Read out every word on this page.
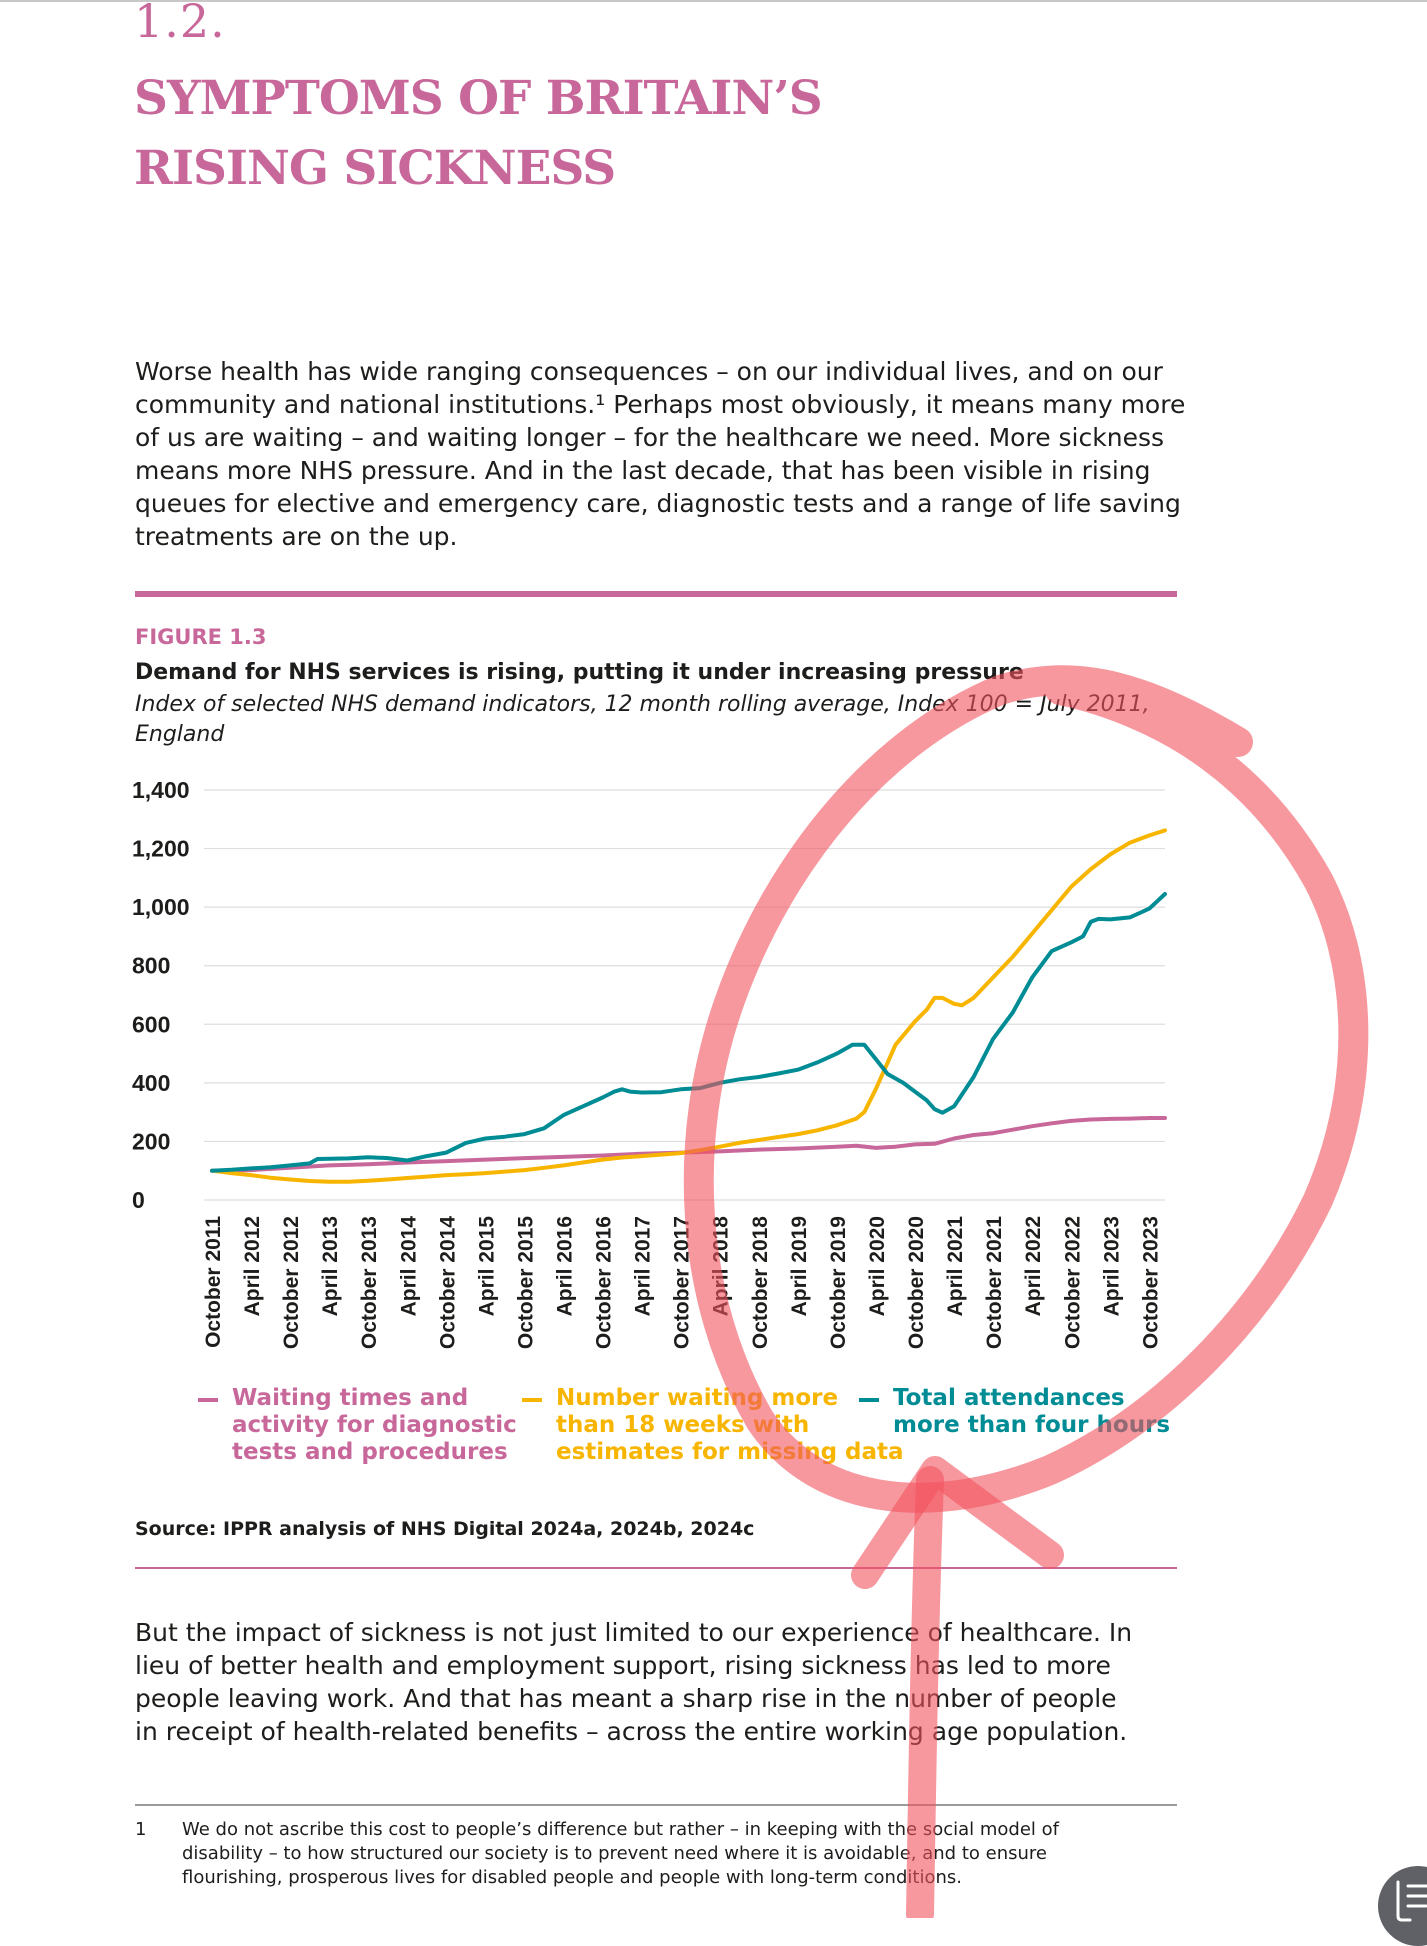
1.2.
SYMPTOMS OF BRITAIN’S
RISING SICKNESS
Worse health has wide ranging consequences – on our individual lives, and on our
community and national institutions.¹ Perhaps most obviously, it means many more
of us are waiting – and waiting longer – for the healthcare we need. More sickness
means more NHS pressure. And in the last decade, that has been visible in rising
queues for elective and emergency care, diagnostic tests and a range of life saving
treatments are on the up.
FIGURE 1.3
Demand for NHS services is rising, putting it under increasing pressure
Index of selected NHS demand indicators, 12 month rolling average, Index 100 = July 2011,
England
0
200
400
600
800
1,000
1,200
1,400
October 2011 April 2012 October 2012 April 2013 October 2013 April 2014 October 2014 April 2015 October 2015 April 2016 October 2016 April 2017 October 2017 April 2018 October 2018 April 2019 October 2019 April 2020 October 2020 April 2021 October 2021 April 2022 October 2022 April 2023 October 2023
Waiting times and
activity for diagnostic
tests and procedures
Number waiting more
than 18 weeks with
estimates for missing data
Total attendances
more than four hours
Source: IPPR analysis of NHS Digital 2024a, 2024b, 2024c
But the impact of sickness is not just limited to our experience of healthcare. In
lieu of better health and employment support, rising sickness has led to more
people leaving work. And that has meant a sharp rise in the number of people
in receipt of health-related benefits – across the entire working age population.
1 We do not ascribe this cost to people’s difference but rather – in keeping with the social model of
disability – to how structured our society is to prevent need where it is avoidable, and to ensure
flourishing, prosperous lives for disabled people and people with long-term conditions.
